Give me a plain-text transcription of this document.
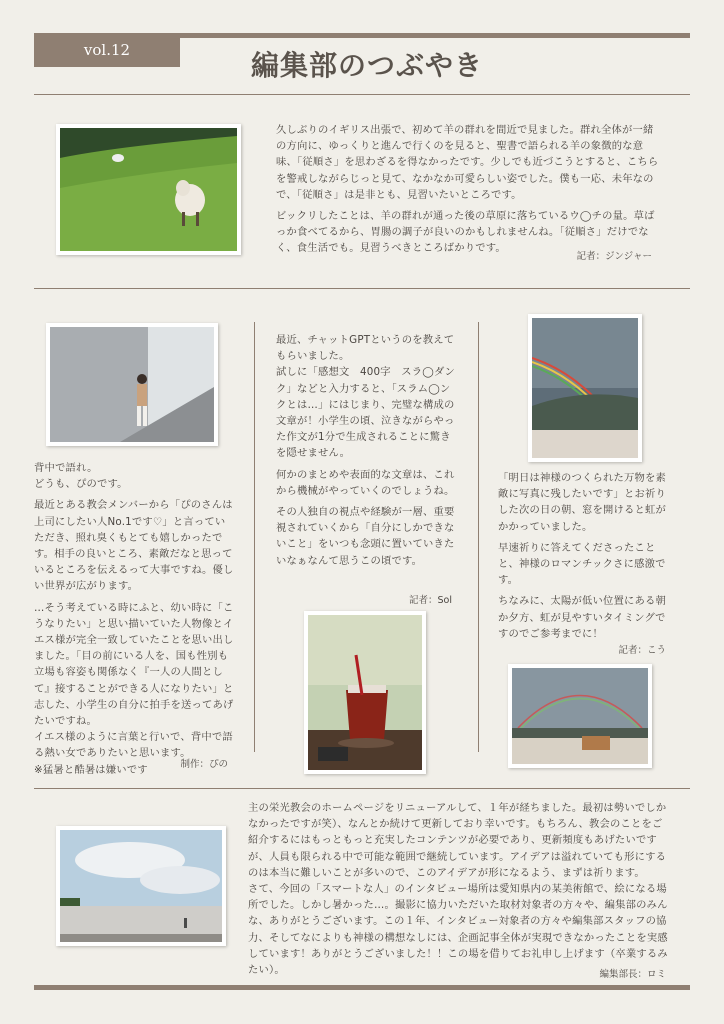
vol.12	編集部のつぶやき

久しぶりのイギリス出張で、初めて羊の群れを間近で見ました。群れ全体が一緒の方向に、ゆっくりと進んで行くのを見ると、聖書で語られる羊の象徴的な意味、「従順さ」を思わざるを得なかったです。少しでも近づこうとすると、こちらを警戒しながらじっと見て、なかなか可愛らしい姿でした。僕も一応、未年なので、「従順さ」は是非とも、見習いたいところです。

ビックリしたことは、羊の群れが通った後の草原に落ちているウ◯チの量。草ばっか食べてるから、胃腸の調子が良いのかもしれませんね。「従順さ」だけでなく、食生活でも。見習うべきところばかりです。

記者：ジンジャー

背中で語れ。
どうも、ぴのです。

最近とある教会メンバーから「ぴのさんは上司にしたい人No.1です♡」と言っていただき、照れ臭くもとても嬉しかったです。相手の良いところ、素敵だなと思っているところを伝えるって大事ですね。優しい世界が広がります。

…そう考えている時にふと、幼い時に「こうなりたい」と思い描いていた人物像とイエス様が完全一致していたことを思い出しました。「目の前にいる人を、国も性別も立場も容姿も関係なく『一人の人間として』接することができる人になりたい」と志した、小学生の自分に拍手を送ってあげたいですね。
イエス様のように言葉と行いで、背中で語る熱い女でありたいと思います。
※猛暑と酷暑は嫌いです	制作：ぴの

最近、チャットGPTというのを教えてもらいました。
試しに「感想文　400字　スラ◯ダンク」などと入力すると、「スラム◯ンクとは…」にはじまり、完璧な構成の文章が！小学生の頃、泣きながらやった作文が1分で生成されることに驚きを隠せません。

何かのまとめや表面的な文章は、これから機械がやっていくのでしょうね。

その人独自の視点や経験が一層、重要視されていくから「自分にしかできないこと」をいつも念頭に置いていきたいなぁなんて思うこの頃です。

記者：Sol

「明日は神様のつくられた万物を素敵に写真に残したいです」とお祈りした次の日の朝、窓を開けると虹がかかっていました。

早速祈りに答えてくださったことと、神様のロマンチックさに感激です。

ちなみに、太陽が低い位置にある朝か夕方、虹が見やすいタイミングですのでご参考までに！

記者：こう

主の栄光教会のホームページをリニューアルして、１年が経ちました。最初は勢いでしかなかったですが笑）、なんとか続けて更新しており幸いです。もちろん、教会のことをご紹介するにはもっともっと充実したコンテンツが必要であり、更新頻度もあげたいですが、人員も限られる中で可能な範囲で継続しています。アイデアは溢れていても形にするのは本当に難しいことが多いので、このアイデアが形になるよう、まずは祈ります。
さて、今回の「スマートな人」のインタビュー場所は愛知県内の某美術館で、絵になる場所でした。しかし暑かった…。撮影に協力いただいた取材対象者の方々や、編集部のみんな、ありがとうございます。この１年、インタビュー対象者の方々や編集部スタッフの協力、そしてなによりも神様の構想なしには、企画記事全体が実現できなかったことを実感しています！ありがとうございました！！この場を借りてお礼申し上げます（卒業するみたい）。	編集部長：ロミ
